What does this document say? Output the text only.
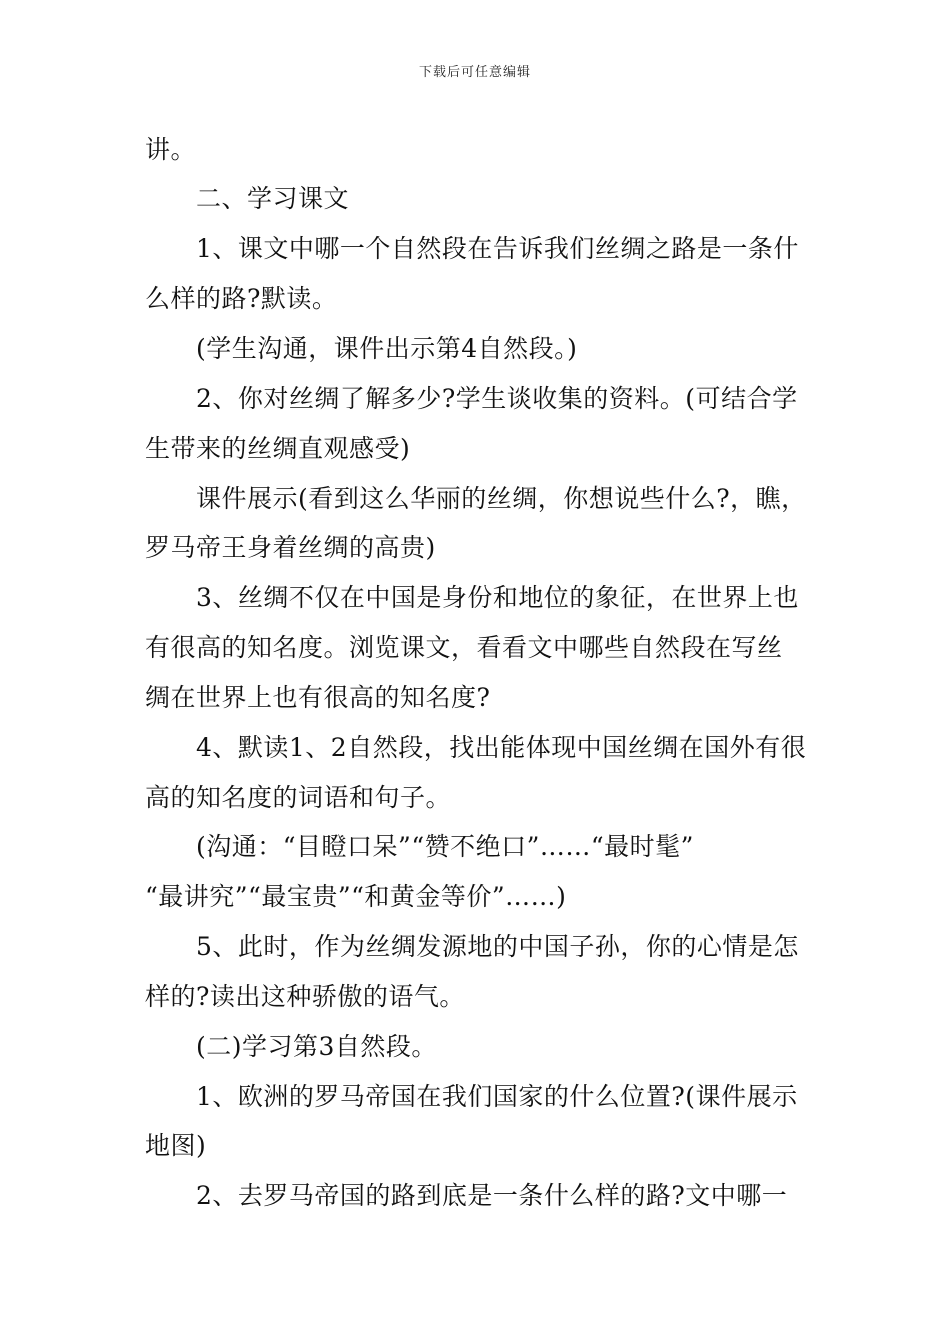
下载后可任意编辑
讲。
二、学习课文
1、课文中哪一个自然段在告诉我们丝绸之路是一条什
么样的路?默读。
(学生沟通，课件出示第4自然段。)
2、你对丝绸了解多少?学生谈收集的资料。(可结合学
生带来的丝绸直观感受)
课件展示(看到这么华丽的丝绸，你想说些什么?，瞧，
罗马帝王身着丝绸的高贵)
3、丝绸不仅在中国是身份和地位的象征，在世界上也
有很高的知名度。浏览课文，看看文中哪些自然段在写丝
绸在世界上也有很高的知名度?
4、默读1、2自然段，找出能体现中国丝绸在国外有很
高的知名度的词语和句子。
(沟通：“目瞪口呆”“赞不绝口”……“最时髦”
“最讲究”“最宝贵”“和黄金等价”……)
5、此时，作为丝绸发源地的中国子孙，你的心情是怎
样的?读出这种骄傲的语气。
(二)学习第3自然段。
1、欧洲的罗马帝国在我们国家的什么位置?(课件展示
地图)
2、去罗马帝国的路到底是一条什么样的路?文中哪一
